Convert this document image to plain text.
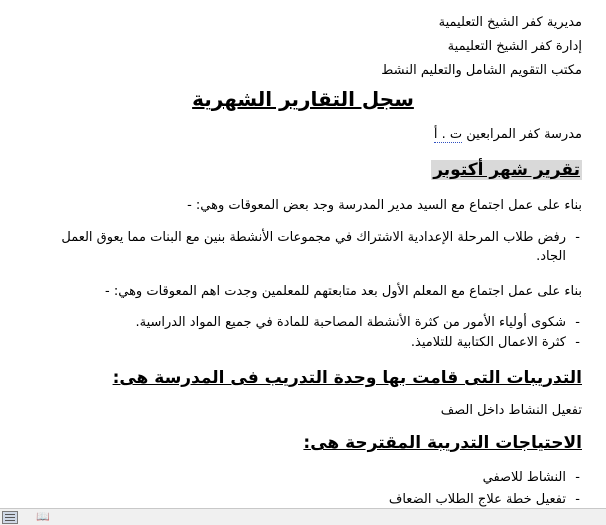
مديرية كفر الشيخ التعليمية
إدارة كفر الشيخ التعليمية
مكتب التقويم الشامل والتعليم النشط
سجل التقارير الشهرية
مدرسة كفر المرابعين ت . أ
تقرير شهر أكتوبر
بناء على عمل اجتماع مع السيد مدير المدرسة وجد بعض المعوقات وهي: -
-
رفض طلاب المرحلة الإعدادية الاشتراك في مجموعات الأنشطة بنين مع البنات مما يعوق العمل الجاد.
بناء على عمل اجتماع مع المعلم الأول بعد متابعتهم للمعلمين وجدت اهم المعوقات وهي: -
-
شكوى أولياء الأمور من كثرة الأنشطة المصاحبة للمادة في جميع المواد الدراسية.
-
كثرة الاعمال الكتابية للتلاميذ.
التدريبات التى قامت بها وحدة التدريب فى المدرسة هى:
تفعيل النشاط داخل الصف
الاحتياجات التدريبة المقترحة هى:
-
النشاط للاصفي
-
تفعيل خطة علاج الطلاب الضعاف
📖
